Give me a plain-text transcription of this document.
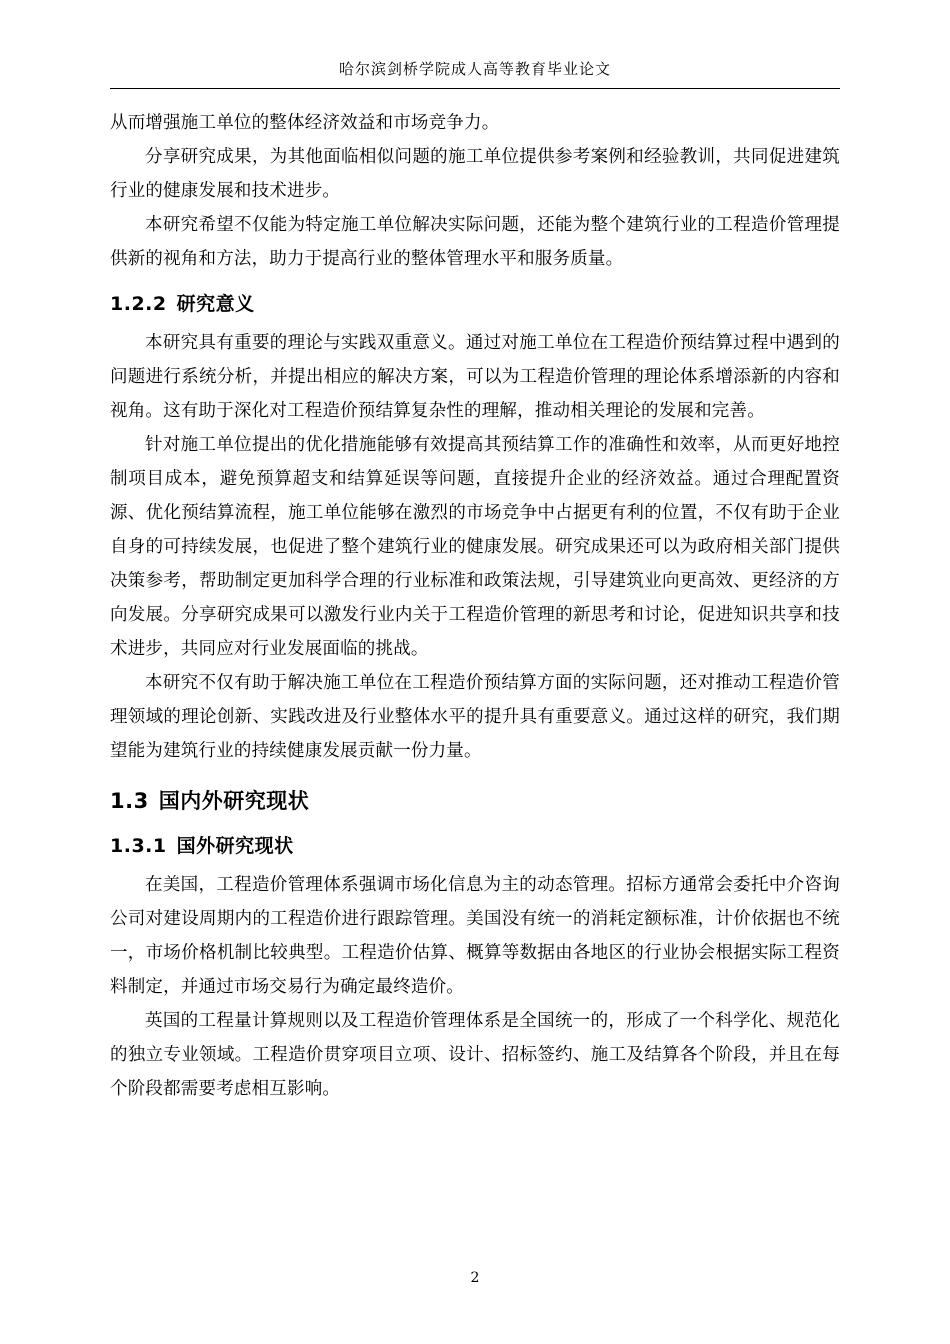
哈尔滨剑桥学院成人高等教育毕业论文

从而增强施工单位的整体经济效益和市场竞争力。

分享研究成果，为其他面临相似问题的施工单位提供参考案例和经验教训，共同促进建筑行业的健康发展和技术进步。

本研究希望不仅能为特定施工单位解决实际问题，还能为整个建筑行业的工程造价管理提供新的视角和方法，助力于提高行业的整体管理水平和服务质量。

1.2.2 研究意义

本研究具有重要的理论与实践双重意义。通过对施工单位在工程造价预结算过程中遇到的问题进行系统分析，并提出相应的解决方案，可以为工程造价管理的理论体系增添新的内容和视角。这有助于深化对工程造价预结算复杂性的理解，推动相关理论的发展和完善。

针对施工单位提出的优化措施能够有效提高其预结算工作的准确性和效率，从而更好地控制项目成本，避免预算超支和结算延误等问题，直接提升企业的经济效益。通过合理配置资源、优化预结算流程，施工单位能够在激烈的市场竞争中占据更有利的位置，不仅有助于企业自身的可持续发展，也促进了整个建筑行业的健康发展。研究成果还可以为政府相关部门提供决策参考，帮助制定更加科学合理的行业标准和政策法规，引导建筑业向更高效、更经济的方向发展。分享研究成果可以激发行业内关于工程造价管理的新思考和讨论，促进知识共享和技术进步，共同应对行业发展面临的挑战。

本研究不仅有助于解决施工单位在工程造价预结算方面的实际问题，还对推动工程造价管理领域的理论创新、实践改进及行业整体水平的提升具有重要意义。通过这样的研究，我们期望能为建筑行业的持续健康发展贡献一份力量。

1.3 国内外研究现状
1.3.1 国外研究现状

在美国，工程造价管理体系强调市场化信息为主的动态管理。招标方通常会委托中介咨询公司对建设周期内的工程造价进行跟踪管理。美国没有统一的消耗定额标准，计价依据也不统一，市场价格机制比较典型。工程造价估算、概算等数据由各地区的行业协会根据实际工程资料制定，并通过市场交易行为确定最终造价。

英国的工程量计算规则以及工程造价管理体系是全国统一的，形成了一个科学化、规范化的独立专业领域。工程造价贯穿项目立项、设计、招标签约、施工及结算各个阶段，并且在每个阶段都需要考虑相互影响。

2
